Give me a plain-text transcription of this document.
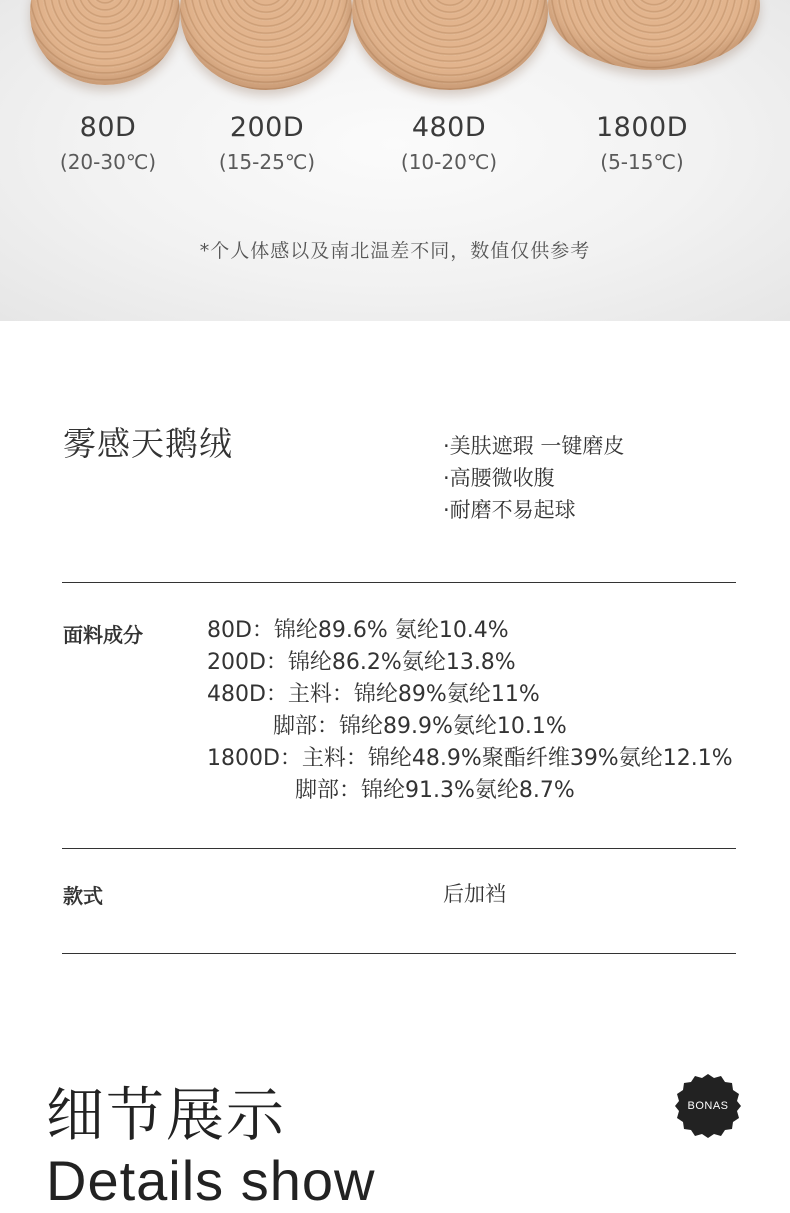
80D
(20-30℃)
200D
(15-25℃)
480D
(10-20℃)
1800D
(5-15℃)
*个人体感以及南北温差不同，数值仅供参考
雾感天鹅绒	·美肤遮瑕 一键磨皮
·高腰微收腹
·耐磨不易起球
面料成分	80D：锦纶89.6% 氨纶10.4%
200D：锦纶86.2%氨纶13.8%
480D：主料：锦纶89%氨纶11%
　　　脚部：锦纶89.9%氨纶10.1%
1800D：主料：锦纶48.9%聚酯纤维39%氨纶12.1%
　　　　脚部：锦纶91.3%氨纶8.7%
款式	后加裆
细节展示
Details show
BONAS
